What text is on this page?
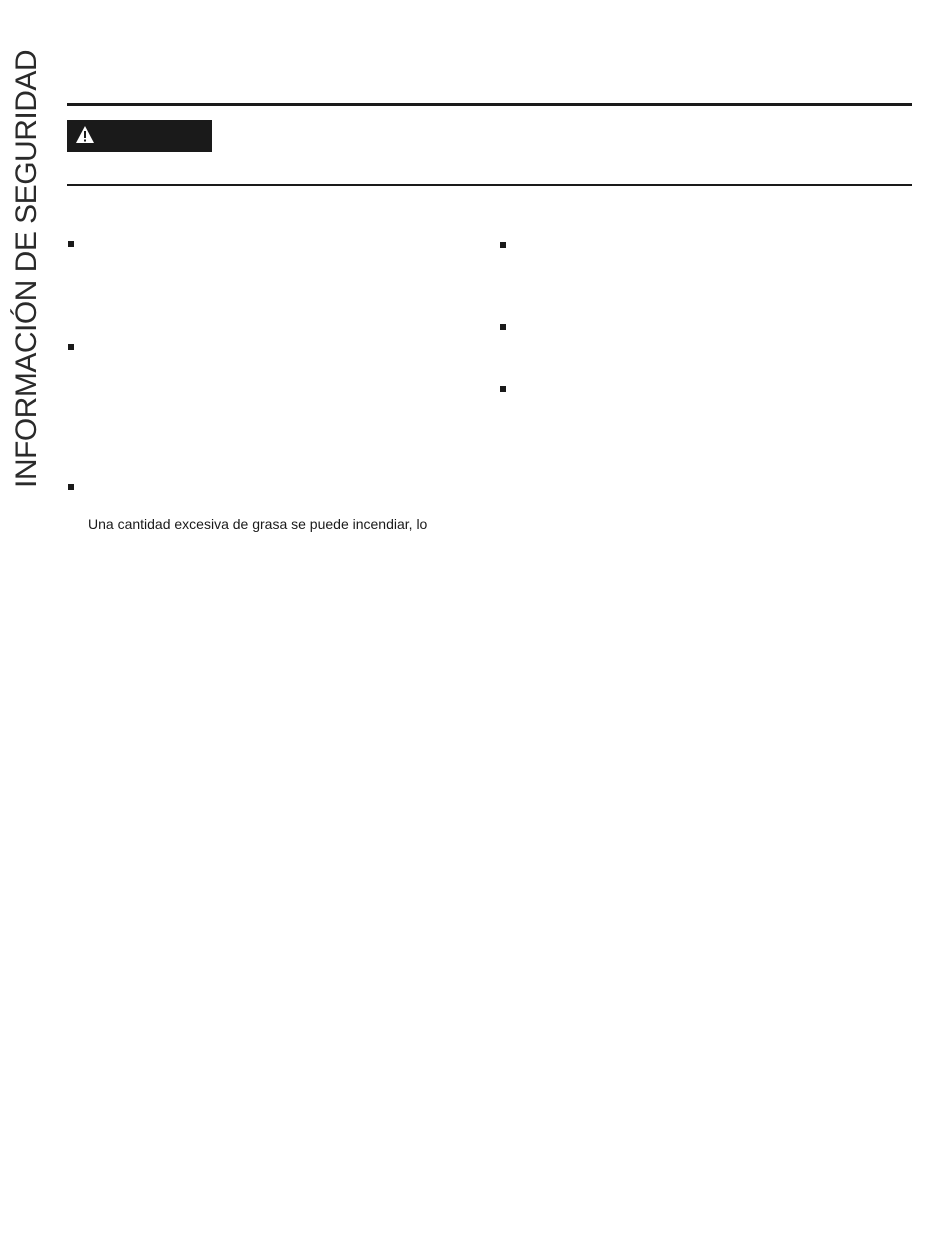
INFORMACIÓN DE SEGURIDAD
Una cantidad excesiva de grasa se puede incendiar, lo
